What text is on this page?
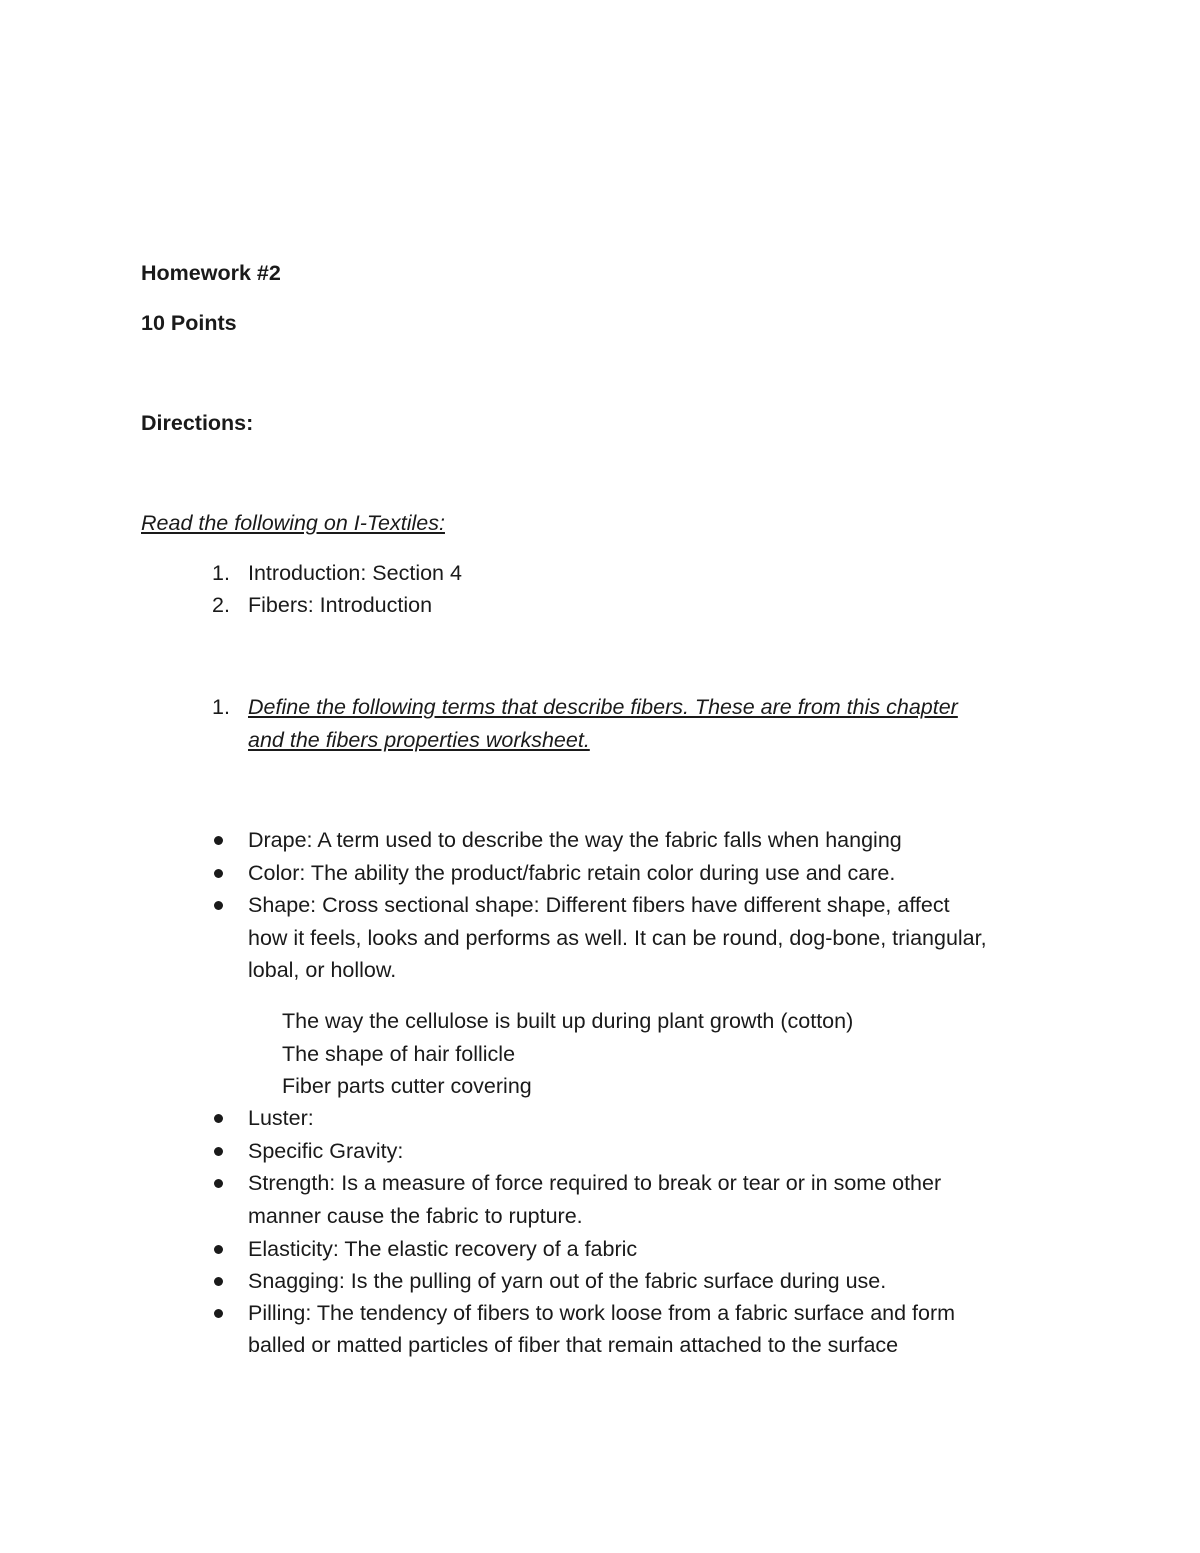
Homework #2
10 Points
Directions:
Read the following on I-Textiles:
1. Introduction: Section 4
2. Fibers: Introduction
1. Define the following terms that describe fibers. These are from this chapter
and the fibers properties worksheet.
Drape: A term used to describe the way the fabric falls when hanging
Color: The ability the product/fabric retain color during use and care.
Shape: Cross sectional shape: Different fibers have different shape, affect
how it feels, looks and performs as well. It can be round, dog-bone, triangular,
lobal, or hollow.
The way the cellulose is built up during plant growth (cotton)
The shape of hair follicle
Fiber parts cutter covering
Luster:
Specific Gravity:
Strength: Is a measure of force required to break or tear or in some other
manner cause the fabric to rupture.
Elasticity: The elastic recovery of a fabric
Snagging: Is the pulling of yarn out of the fabric surface during use.
Pilling: The tendency of fibers to work loose from a fabric surface and form
balled or matted particles of fiber that remain attached to the surface
